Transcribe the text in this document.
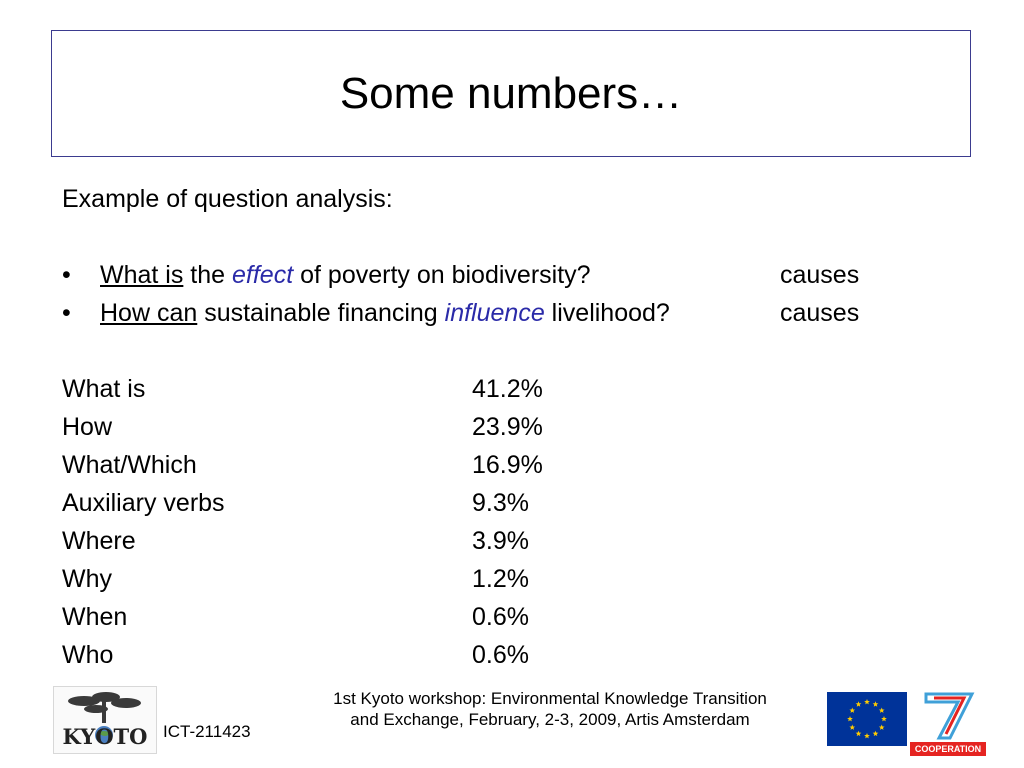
Some numbers…
Example of question analysis:
• What is the effect of poverty on biodiversity?	causes
• How can sustainable financing influence livelihood?	causes
What is	41.2%
How	23.9%
What/Which	16.9%
Auxiliary verbs	9.3%
Where	3.9%
Why	1.2%
When	0.6%
Who	0.6%
KYOTO ICT-211423
1st Kyoto workshop: Environmental Knowledge Transition
and Exchange, February, 2-3, 2009, Artis Amsterdam
COOPERATION
